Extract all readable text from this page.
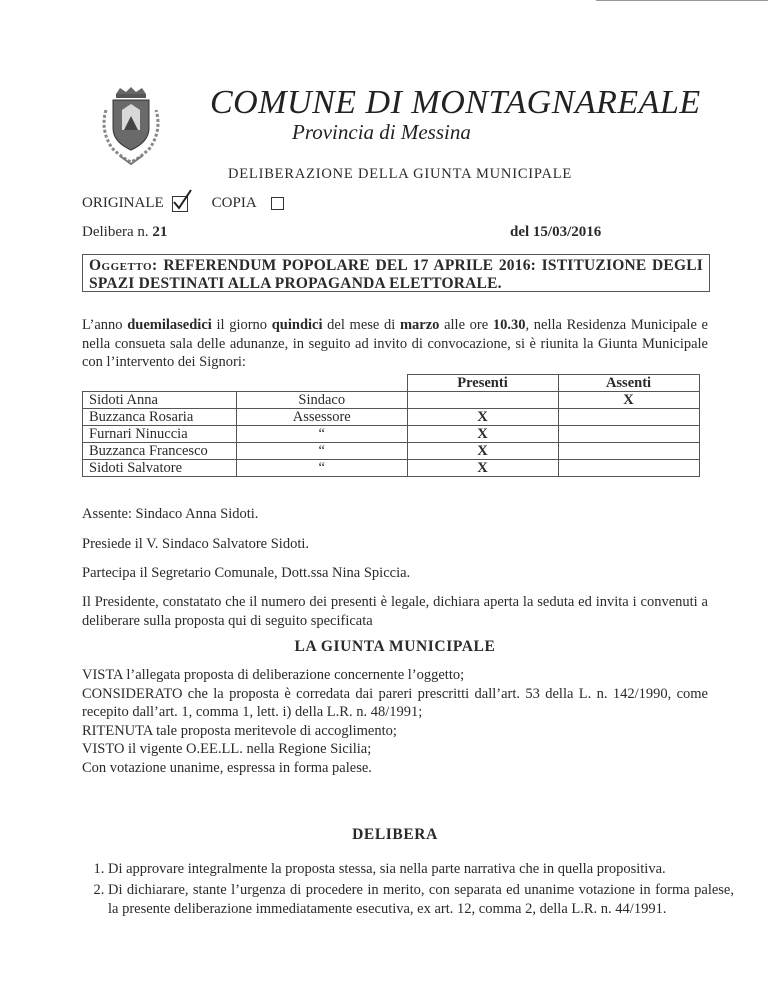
COMUNE DI MONTAGNAREALE
Provincia di Messina
DELIBERAZIONE DELLA GIUNTA MUNICIPALE
ORIGINALE	COPIA
Delibera n. 21	del 15/03/2016
Oggetto: REFERENDUM POPOLARE DEL 17 APRILE 2016: ISTITUZIONE DEGLI SPAZI DESTINATI ALLA PROPAGANDA ELETTORALE.
L’anno duemilasedici il giorno quindici del mese di marzo alle ore 10.30, nella Residenza Municipale e nella consueta sala delle adunanze, in seguito ad invito di convocazione, si è riunita la Giunta Municipale con l’intervento dei Signori:
		Presenti	Assenti
Sidoti Anna	Sindaco		X
Buzzanca Rosaria	Assessore	X	
Furnari Ninuccia	“	X	
Buzzanca Francesco	“	X	
Sidoti Salvatore	“	X	
Assente: Sindaco Anna Sidoti.
Presiede il V. Sindaco Salvatore Sidoti.
Partecipa il Segretario Comunale, Dott.ssa Nina Spiccia.
Il Presidente, constatato che il numero dei presenti è legale, dichiara aperta la seduta ed invita i convenuti a deliberare sulla proposta qui di seguito specificata
LA GIUNTA MUNICIPALE
VISTA l’allegata proposta di deliberazione concernente l’oggetto;
CONSIDERATO che la proposta è corredata dai pareri prescritti dall’art. 53 della L. n. 142/1990, come recepito dall’art. 1, comma 1, lett. i) della L.R. n. 48/1991;
RITENUTA tale proposta meritevole di accoglimento;
VISTO il vigente O.EE.LL. nella Regione Sicilia;
Con votazione unanime, espressa in forma palese.
DELIBERA
1. Di approvare integralmente la proposta stessa, sia nella parte narrativa che in quella propositiva.
2. Di dichiarare, stante l’urgenza di procedere in merito, con separata ed unanime votazione in forma palese, la presente deliberazione immediatamente esecutiva, ex art. 12, comma 2, della L.R. n. 44/1991.
